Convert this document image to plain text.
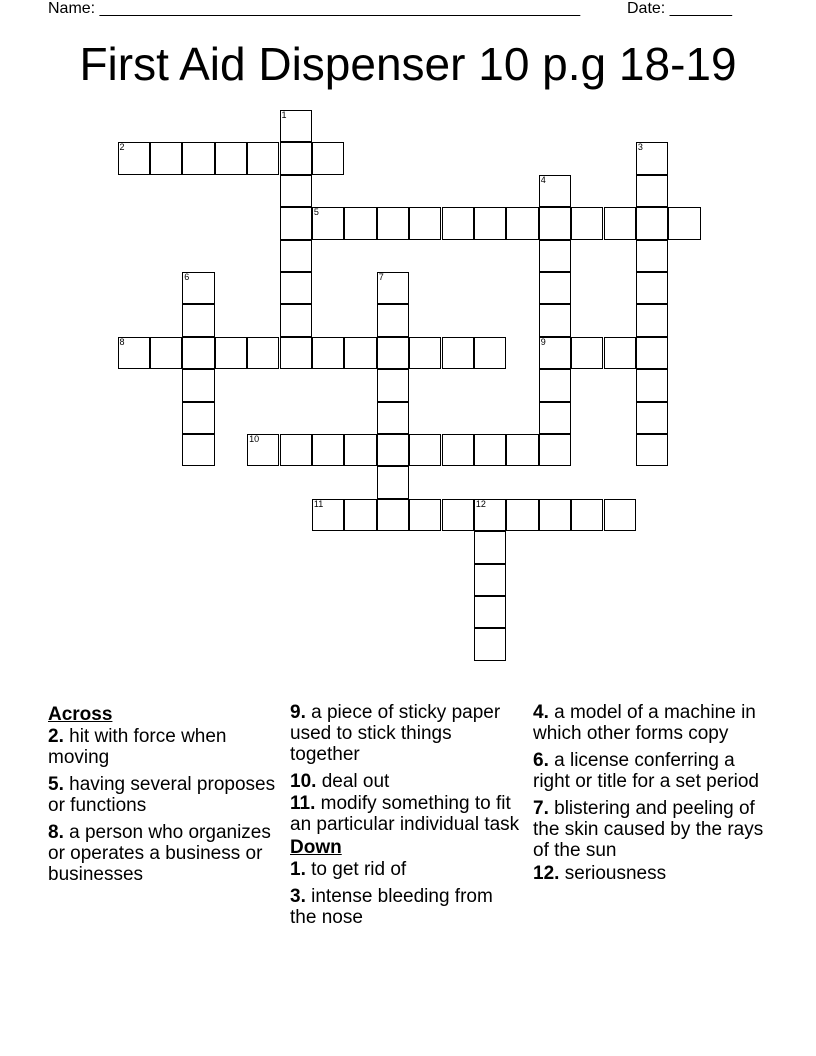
Name: ______________________________________________________	Date: _______
First Aid Dispenser 10 p.g 18-19
2
5
8	9
10
11	12
1
3
4
6	7
Across
2. hit with force when moving
5. having several proposes or functions
8. a person who organizes or operates a business or businesses
9. a piece of sticky paper used to stick things together
10. deal out
11. modify something to fit an particular individual task
Down
1. to get rid of
3. intense bleeding from the nose
4. a model of a machine in which other forms copy
6. a license conferring a right or title for a set period
7. blistering and peeling of the skin caused by the rays of the sun
12. seriousness
